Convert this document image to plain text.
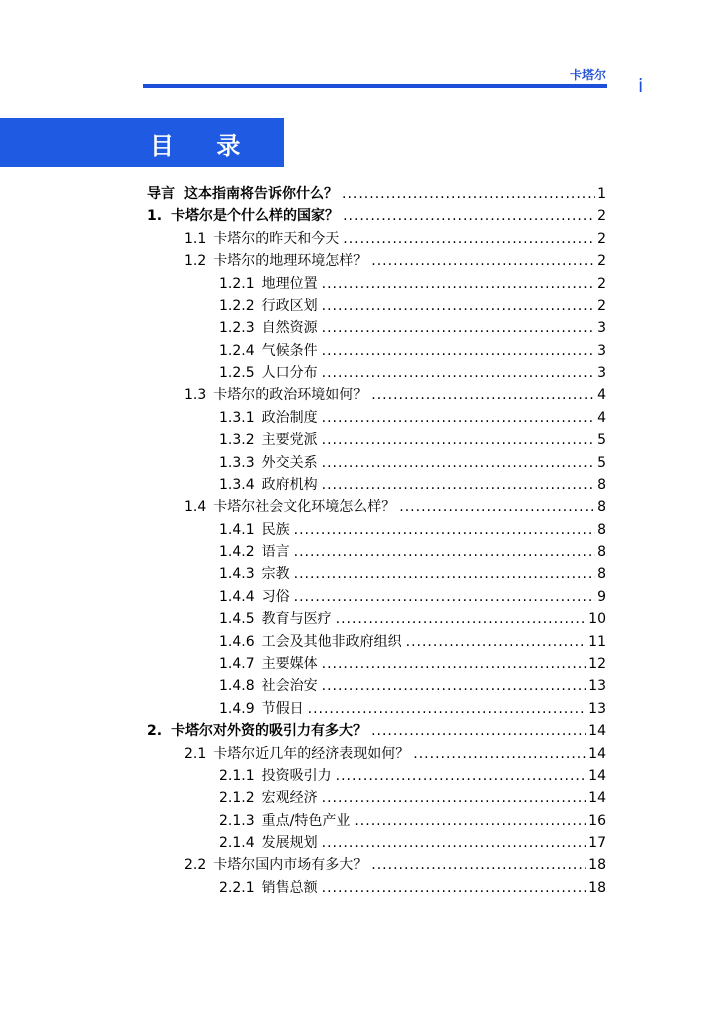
卡塔尔 i
目 录
导言 这本指南将告诉你什么？ .....	1
1. 卡塔尔是个什么样的国家？ .....	2
1.1 卡塔尔的昨天和今天 .....	2
1.2 卡塔尔的地理环境怎样？ .....	2
1.2.1 地理位置 .....	2
1.2.2 行政区划 .....	2
1.2.3 自然资源 .....	3
1.2.4 气候条件 .....	3
1.2.5 人口分布 .....	3
1.3 卡塔尔的政治环境如何？ .....	4
1.3.1 政治制度 .....	4
1.3.2 主要党派 .....	5
1.3.3 外交关系 .....	5
1.3.4 政府机构 .....	8
1.4 卡塔尔社会文化环境怎么样？ .....	8
1.4.1 民族 .....	8
1.4.2 语言 .....	8
1.4.3 宗教 .....	8
1.4.4 习俗 .....	9
1.4.5 教育与医疗 .....	10
1.4.6 工会及其他非政府组织 .....	11
1.4.7 主要媒体 .....	12
1.4.8 社会治安 .....	13
1.4.9 节假日 .....	13
2. 卡塔尔对外资的吸引力有多大？ .....	14
2.1 卡塔尔近几年的经济表现如何？ .....	14
2.1.1 投资吸引力 .....	14
2.1.2 宏观经济 .....	14
2.1.3 重点/特色产业 .....	16
2.1.4 发展规划 .....	17
2.2 卡塔尔国内市场有多大？ .....	18
2.2.1 销售总额 .....	18
